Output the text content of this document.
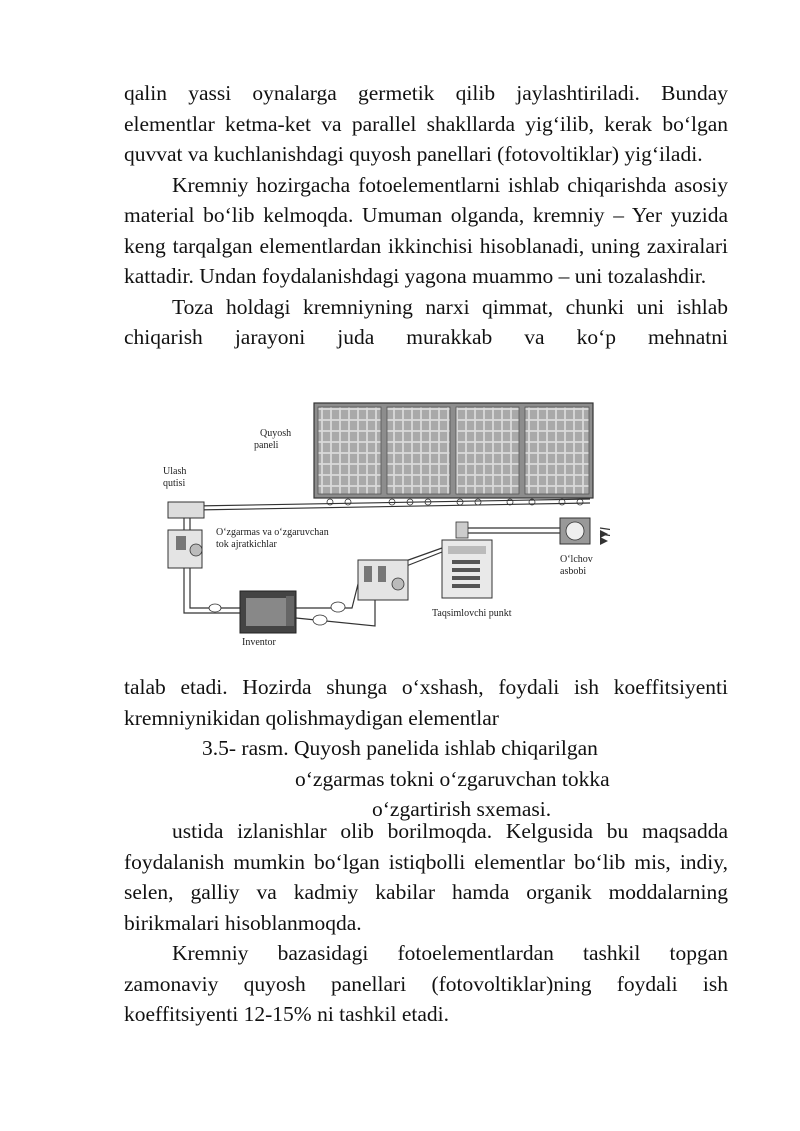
qalin yassi oynalarga germetik qilib jaylashtiriladi. Bunday elementlar ketma-ket va parallel shakllarda yig‘ilib, kerak bo‘lgan quvvat va kuchlanishdagi quyosh panellari (fotovoltiklar) yig‘iladi.

Kremniy hozirgacha fotoelementlarni ishlab chiqarishda asosiy material bo‘lib kelmoqda. Umuman olganda, kremniy – Yer yuzida keng tarqalgan elementlardan ikkinchisi hisoblanadi, uning zaxiralari kattadir. Undan foydalanishdagi yagona muammo – uni tozalashdir.

Toza holdagi kremniyning narxi qimmat, chunki uni ishlab chiqarish jarayoni juda murakkab va ko‘p mehnatni

Quyosh
paneli
Ulash
qutisi
O‘zgarmas va o‘zgaruvchan
tok ajratkichlar
Inventor
Taqsimlovchi punkt
O‘lchov
asbobi

talab etadi. Hozirda shunga o‘xshash, foydali ish koeffitsiyenti kremniynikidan qolishmaydigan elementlar

3.5- rasm. Quyosh panelida ishlab chiqarilgan
o‘zgarmas tokni o‘zgaruvchan tokka
o‘zgartirish sxemasi.

ustida izlanishlar olib borilmoqda. Kelgusida bu maqsadda foydalanish mumkin bo‘lgan istiqbolli elementlar bo‘lib mis, indiy, selen, galliy va kadmiy kabilar hamda organik moddalarning birikmalari hisoblanmoqda.

Kremniy bazasidagi fotoelementlardan tashkil topgan zamonaviy quyosh panellari (fotovoltiklar)ning foydali ish koeffitsiyenti 12-15% ni tashkil etadi.
